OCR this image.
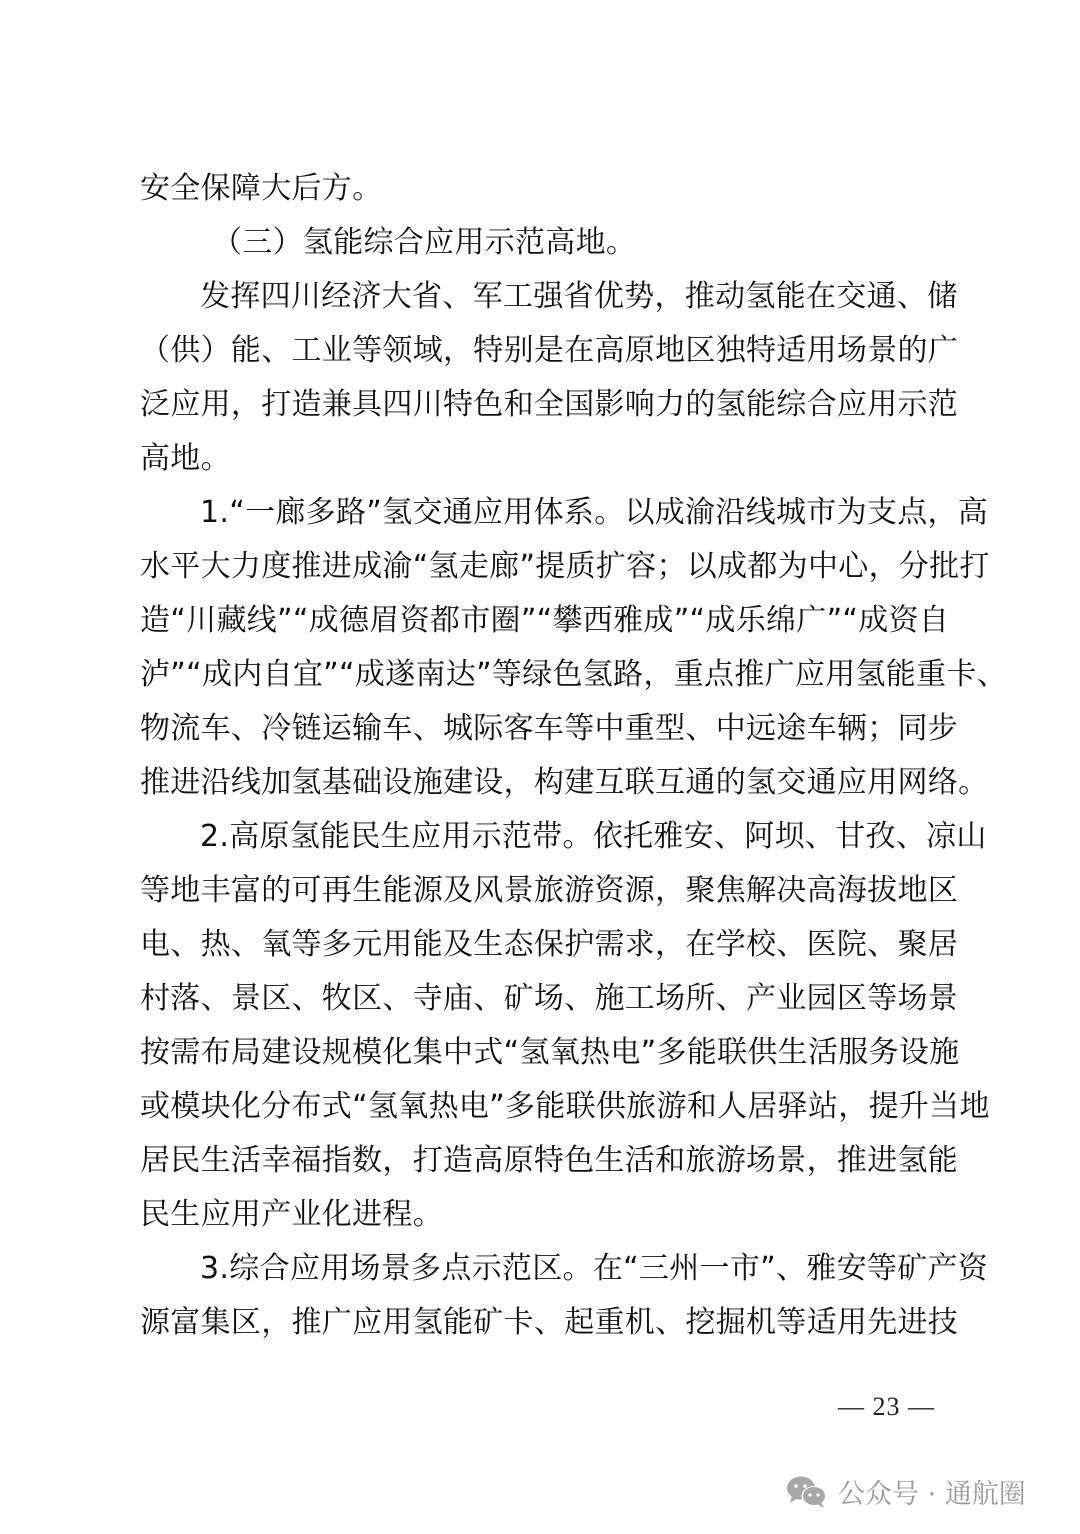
安全保障大后方。
（三）氢能综合应用示范高地。
发挥四川经济大省、军工强省优势，推动氢能在交通、储
（供）能、工业等领域，特别是在高原地区独特适用场景的广
泛应用，打造兼具四川特色和全国影响力的氢能综合应用示范
高地。
1.“一廊多路”氢交通应用体系。以成渝沿线城市为支点，高
水平大力度推进成渝“氢走廊”提质扩容；以成都为中心，分批打
造“川藏线”“成德眉资都市圈”“攀西雅成”“成乐绵广”“成资自
泸”“成内自宜”“成遂南达”等绿色氢路，重点推广应用氢能重卡、
物流车、冷链运输车、城际客车等中重型、中远途车辆；同步
推进沿线加氢基础设施建设，构建互联互通的氢交通应用网络。
2.高原氢能民生应用示范带。依托雅安、阿坝、甘孜、凉山
等地丰富的可再生能源及风景旅游资源，聚焦解决高海拔地区
电、热、氧等多元用能及生态保护需求，在学校、医院、聚居
村落、景区、牧区、寺庙、矿场、施工场所、产业园区等场景
按需布局建设规模化集中式“氢氧热电”多能联供生活服务设施
或模块化分布式“氢氧热电”多能联供旅游和人居驿站，提升当地
居民生活幸福指数，打造高原特色生活和旅游场景，推进氢能
民生应用产业化进程。
3.综合应用场景多点示范区。在“三州一市”、雅安等矿产资
源富集区，推广应用氢能矿卡、起重机、挖掘机等适用先进技
— 23 —
公众号 · 通航圈
